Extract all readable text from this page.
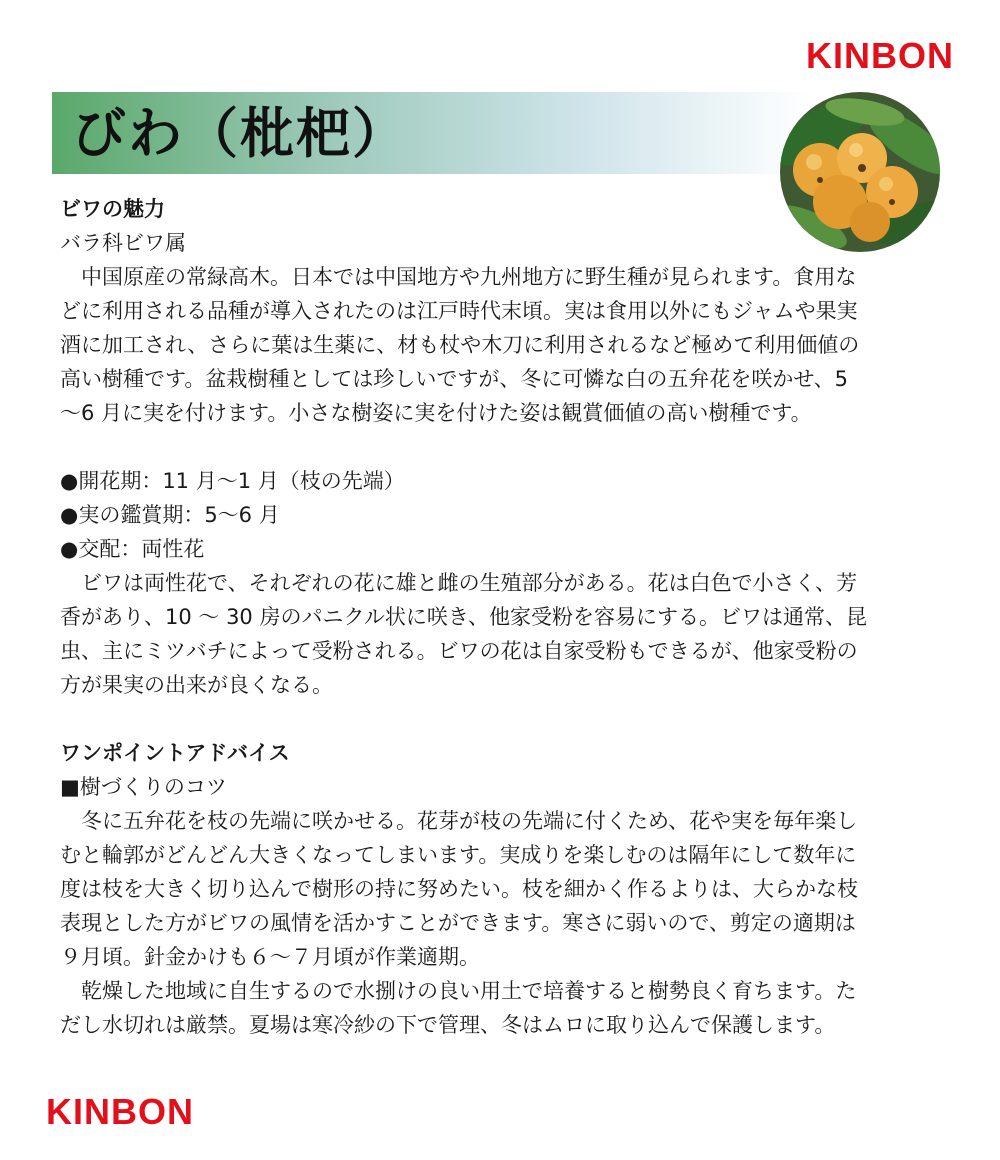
KINBON
びわ（枇杷）

ビワの魅力

バラ科ビワ属

　中国原産の常緑高木。日本では中国地方や九州地方に野生種が見られます。食用な

どに利用される品種が導入されたのは江戸時代末頃。実は食用以外にもジャムや果実

酒に加工され、さらに葉は生薬に、材も杖や木刀に利用されるなど極めて利用価値の

高い樹種です。盆栽樹種としては珍しいですが、冬に可憐な白の五弁花を咲かせ、5

～6 月に実を付けます。小さな樹姿に実を付けた姿は観賞価値の高い樹種です。

●開花期：11 月～1 月（枝の先端）

●実の鑑賞期：5～6 月

●交配：両性花

　ビワは両性花で、それぞれの花に雄と雌の生殖部分がある。花は白色で小さく、芳

香があり、10 ～ 30 房のパニクル状に咲き、他家受粉を容易にする。ビワは通常、昆

虫、主にミツバチによって受粉される。ビワの花は自家受粉もできるが、他家受粉の

方が果実の出来が良くなる。

ワンポイントアドバイス

■樹づくりのコツ

　冬に五弁花を枝の先端に咲かせる。花芽が枝の先端に付くため、花や実を毎年楽し

むと輪郭がどんどん大きくなってしまいます。実成りを楽しむのは隔年にして数年に

度は枝を大きく切り込んで樹形の持に努めたい。枝を細かく作るよりは、大らかな枝

表現とした方がビワの風情を活かすことができます。寒さに弱いので、剪定の適期は

９月頃。針金かけも６～７月頃が作業適期。

　乾燥した地域に自生するので水捌けの良い用土で培養すると樹勢良く育ちます。た

だし水切れは厳禁。夏場は寒冷紗の下で管理、冬はムロに取り込んで保護します。

KINBON
